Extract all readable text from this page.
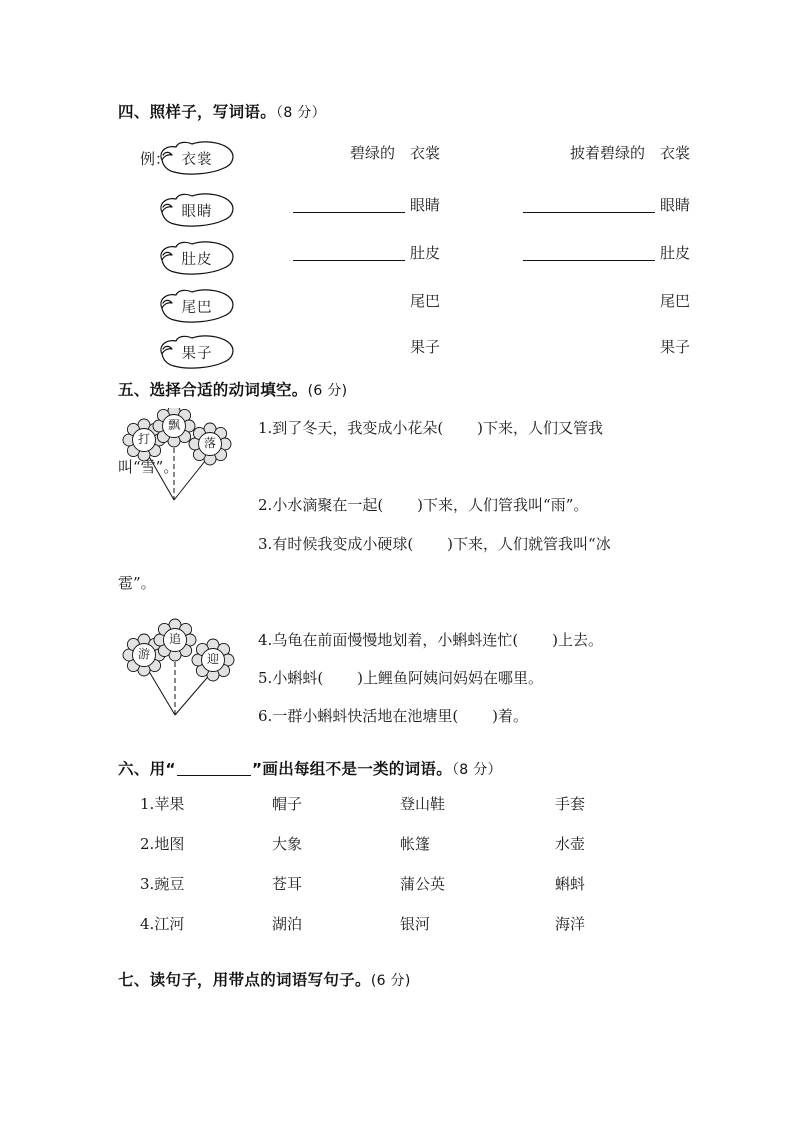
四、照样子，写词语。（8 分）
例： 衣裳	碧绿的　衣裳	披着碧绿的　衣裳
眼睛	眼睛	眼睛
肚皮	肚皮	肚皮
尾巴	尾巴	尾巴
果子	果子	果子
五、选择合适的动词填空。(6 分)
打
飘
落
1.到了冬天，我变成小花朵( )下来，人们又管我
叫“雪”。
2.小水滴聚在一起( )下来，人们管我叫“雨”。
3.有时候我变成小硬球( )下来，人们就管我叫“冰
雹”。
游
追
迎
4.乌龟在前面慢慢地划着，小蝌蚪连忙( )上去。
5.小蝌蚪( )上鲤鱼阿姨问妈妈在哪里。
6.一群小蝌蚪快活地在池塘里( )着。
六、用“	”画出每组不是一类的词语。（8 分）
1.苹果	帽子	登山鞋	手套
2.地图	大象	帐篷	水壶
3.豌豆	苍耳	蒲公英	蝌蚪
4.江河	湖泊	银河	海洋
七、读句子，用带点的词语写句子。(6 分)
